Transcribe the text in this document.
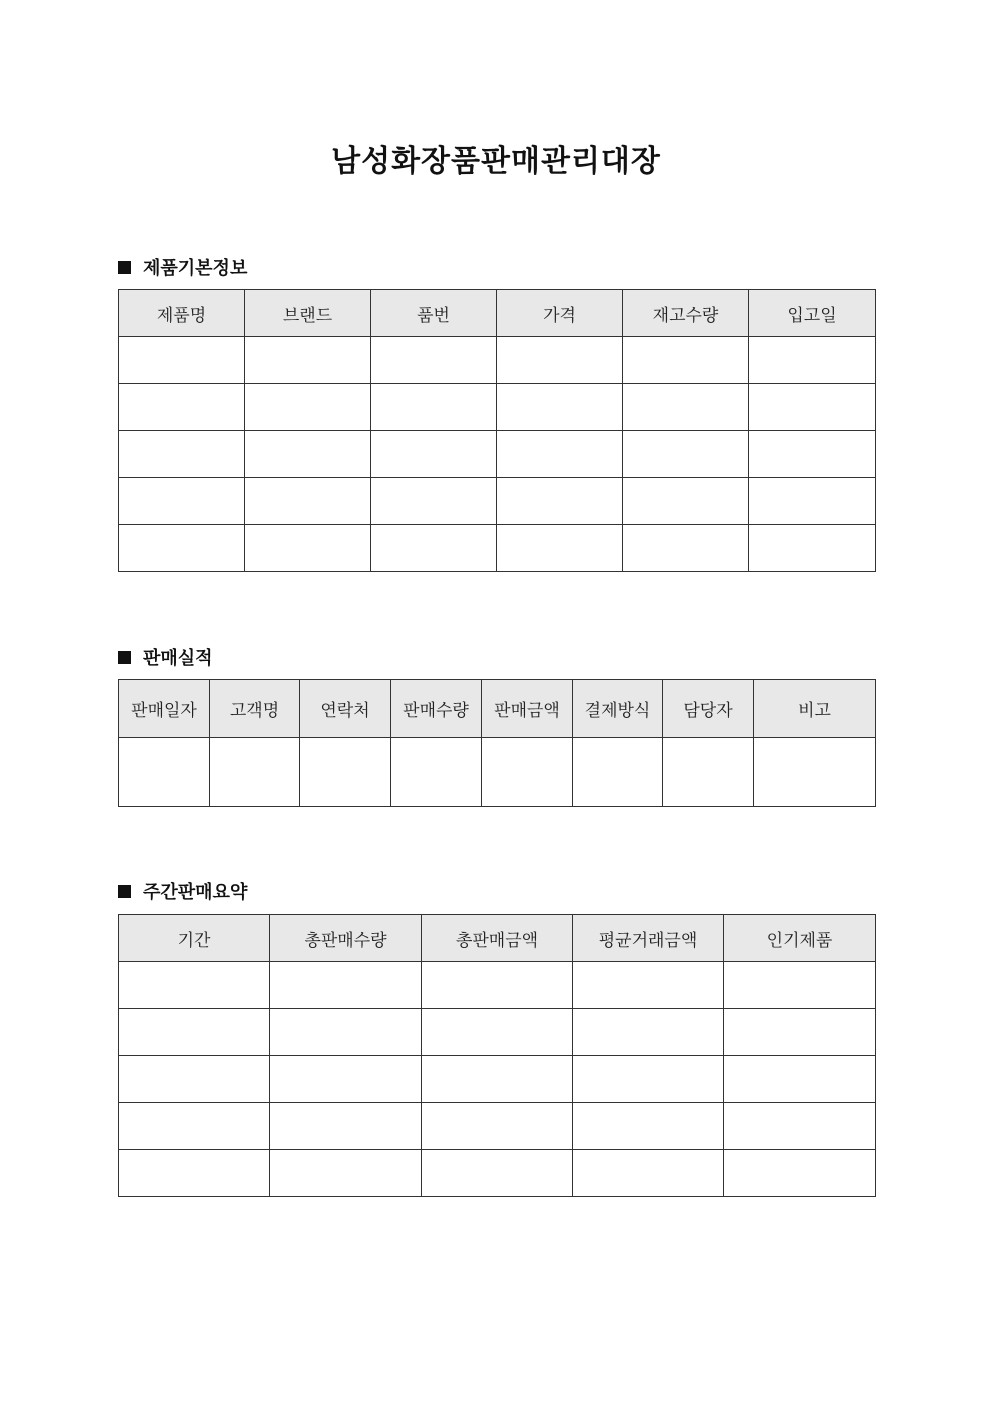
남성화장품판매관리대장
제품기본정보
제품명	브랜드	품번	가격	재고수량	입고일

판매실적
판매일자	고객명	연락처	판매수량	판매금액	결제방식	담당자	비고

주간판매요약
기간	총판매수량	총판매금액	평균거래금액	인기제품
